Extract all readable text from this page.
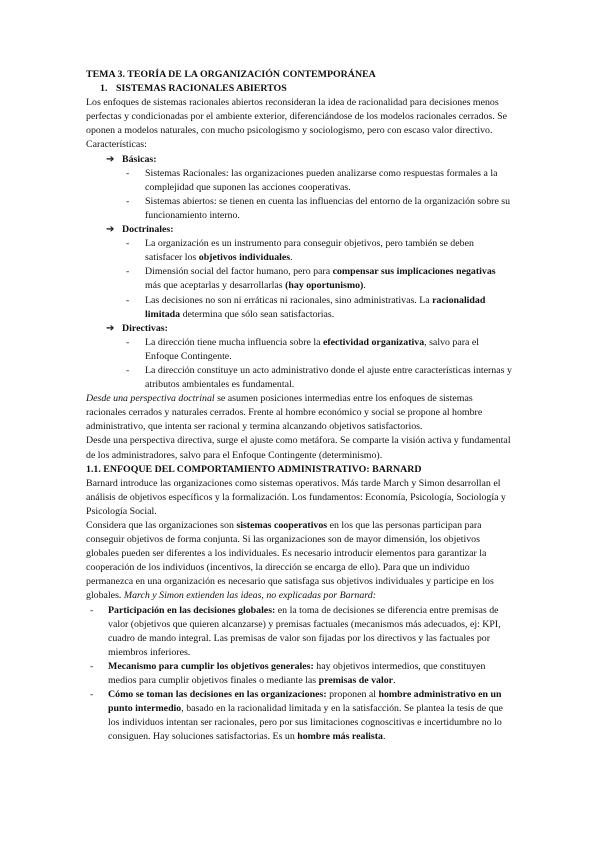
TEMA 3. TEORÍA DE LA ORGANIZACIÓN CONTEMPORÁNEA

1. SISTEMAS RACIONALES ABIERTOS

Los enfoques de sistemas racionales abiertos reconsideran la idea de racionalidad para decisiones menos perfectas y condicionadas por el ambiente exterior, diferenciándose de los modelos racionales cerrados. Se oponen a modelos naturales, con mucho psicologismo y sociologismo, pero con escaso valor directivo. Características:

➔ Básicas:

- Sistemas Racionales: las organizaciones pueden analizarse como respuestas formales a la complejidad que suponen las acciones cooperativas.

- Sistemas abiertos: se tienen en cuenta las influencias del entorno de la organización sobre su funcionamiento interno.

➔ Doctrinales:

- La organización es un instrumento para conseguir objetivos, pero también se deben satisfacer los objetivos individuales.

- Dimensión social del factor humano, pero para compensar sus implicaciones negativas más que aceptarlas y desarrollarlas (hay oportunismo).

- Las decisiones no son ni erráticas ni racionales, sino administrativas. La racionalidad limitada determina que sólo sean satisfactorias.

➔ Directivas:

- La dirección tiene mucha influencia sobre la efectividad organizativa, salvo para el Enfoque Contingente.

- La dirección constituye un acto administrativo donde el ajuste entre características internas y atributos ambientales es fundamental.

Desde una perspectiva doctrinal se asumen posiciones intermedias entre los enfoques de sistemas racionales cerrados y naturales cerrados. Frente al hombre económico y social se propone al hombre administrativo, que intenta ser racional y termina alcanzando objetivos satisfactorios.

Desde una perspectiva directiva, surge el ajuste como metáfora. Se comparte la visión activa y fundamental de los administradores, salvo para el Enfoque Contingente (determinismo).

1.1. ENFOQUE DEL COMPORTAMIENTO ADMINISTRATIVO: BARNARD

Barnard introduce las organizaciones como sistemas operativos. Más tarde March y Simon desarrollan el análisis de objetivos específicos y la formalización. Los fundamentos: Economía, Psicología, Sociología y Psicología Social.

Considera que las organizaciones son sistemas cooperativos en los que las personas participan para conseguir objetivos de forma conjunta. Si las organizaciones son de mayor dimensión, los objetivos globales pueden ser diferentes a los individuales. Es necesario introducir elementos para garantizar la cooperación de los individuos (incentivos, la dirección se encarga de ello). Para que un individuo permanezca en una organización es necesario que satisfaga sus objetivos individuales y participe en los globales. March y Simon extienden las ideas, no explicadas por Barnard:

- Participación en las decisiones globales: en la toma de decisiones se diferencia entre premisas de valor (objetivos que quieren alcanzarse) y premisas factuales (mecanismos más adecuados, ej: KPI, cuadro de mando integral. Las premisas de valor son fijadas por los directivos y las factuales por miembros inferiores.

- Mecanismo para cumplir los objetivos generales: hay objetivos intermedios, que constituyen medios para cumplir objetivos finales o mediante las premisas de valor.

- Cómo se toman las decisiones en las organizaciones: proponen al hombre administrativo en un punto intermedio, basado en la racionalidad limitada y en la satisfacción. Se plantea la tesis de que los individuos intentan ser racionales, pero por sus limitaciones cognoscitivas e incertidumbre no lo consiguen. Hay soluciones satisfactorias. Es un hombre más realista.
